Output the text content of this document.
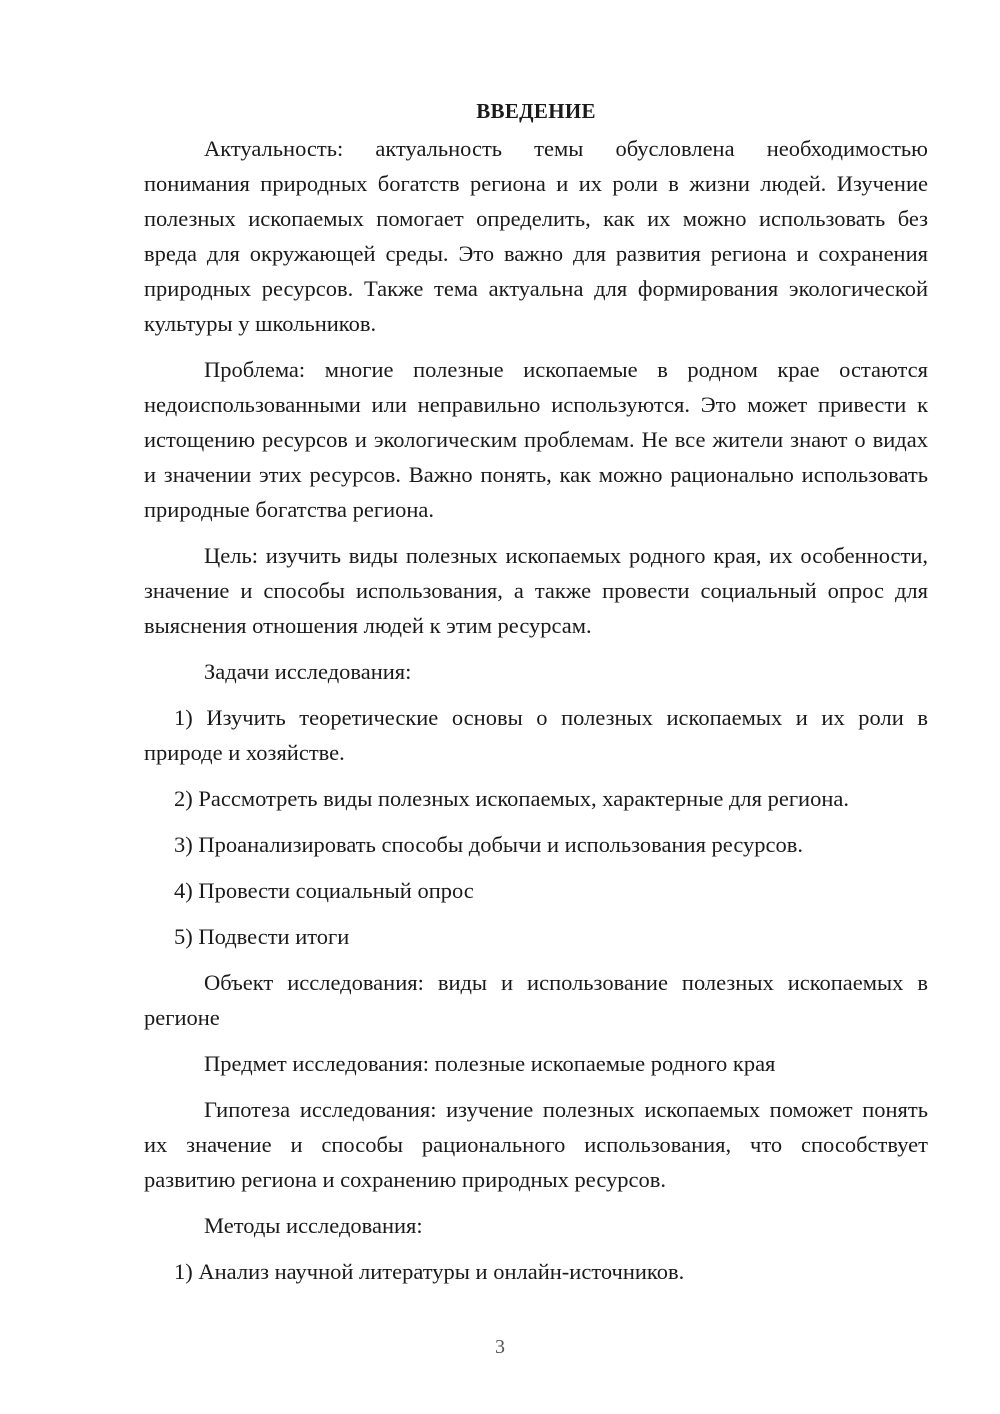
ВВЕДЕНИЕ

Актуальность: актуальность темы обусловлена необходимостью понимания природных богатств региона и их роли в жизни людей. Изучение полезных ископаемых помогает определить, как их можно использовать без вреда для окружающей среды. Это важно для развития региона и сохранения природных ресурсов. Также тема актуальна для формирования экологической культуры у школьников.

Проблема: многие полезные ископаемые в родном крае остаются недоиспользованными или неправильно используются. Это может привести к истощению ресурсов и экологическим проблемам. Не все жители знают о видах и значении этих ресурсов. Важно понять, как можно рационально использовать природные богатства региона.

Цель: изучить виды полезных ископаемых родного края, их особенности, значение и способы использования, а также провести социальный опрос для выяснения отношения людей к этим ресурсам.

Задачи исследования:

1) Изучить теоретические основы о полезных ископаемых и их роли в природе и хозяйстве.

2) Рассмотреть виды полезных ископаемых, характерные для региона.

3) Проанализировать способы добычи и использования ресурсов.

4) Провести социальный опрос

5) Подвести итоги

Объект исследования: виды и использование полезных ископаемых в регионе

Предмет исследования: полезные ископаемые родного края

Гипотеза исследования: изучение полезных ископаемых поможет понять их значение и способы рационального использования, что способствует развитию региона и сохранению природных ресурсов.

Методы исследования:

1) Анализ научной литературы и онлайн-источников.

3
